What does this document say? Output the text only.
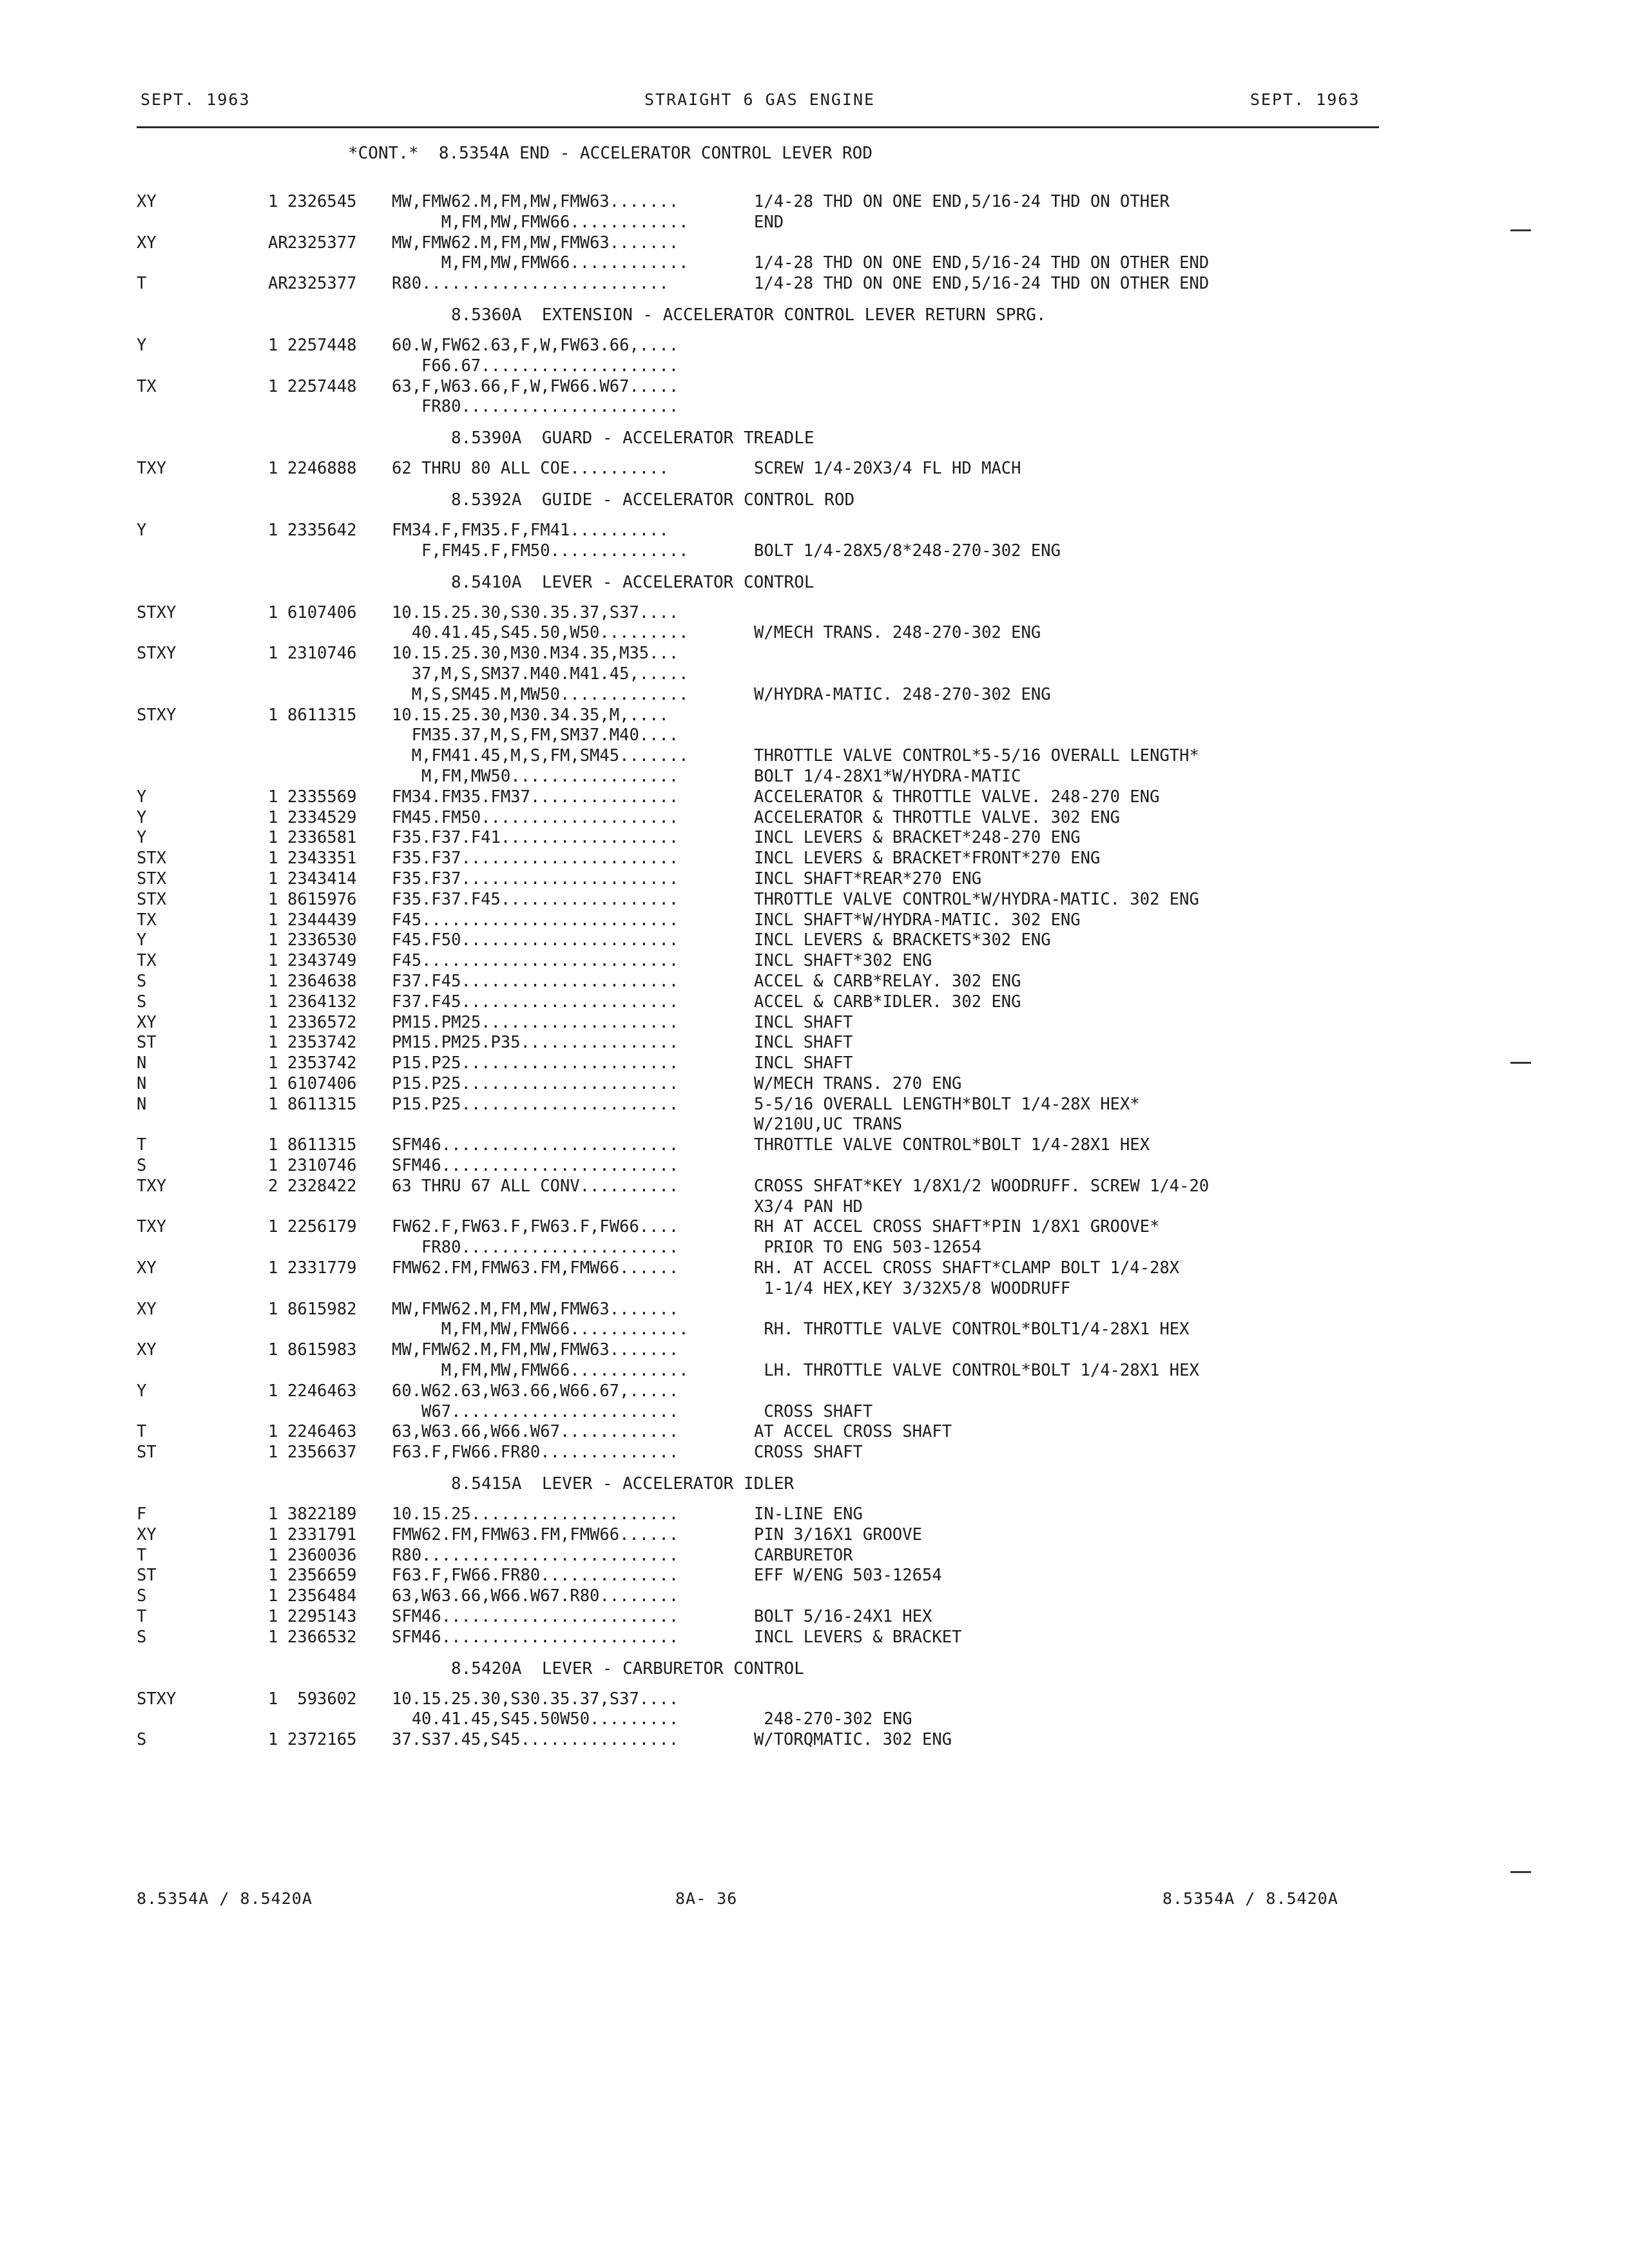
SEPT. 1963	STRAIGHT 6 GAS ENGINE	SEPT. 1963
*CONT.*  8.5354A END - ACCELERATOR CONTROL LEVER ROD
XY	1 2326545 MW,FMW62.M,FM,MW,FMW63.......	1/4-28 THD ON ONE END,5/16-24 THD ON OTHER
M,FM,MW,FMW66............	END
XY	AR 2325377 MW,FMW62.M,FM,MW,FMW63.......
M,FM,MW,FMW66............	1/4-28 THD ON ONE END,5/16-24 THD ON OTHER END
T	AR 2325377 R80.........................	1/4-28 THD ON ONE END,5/16-24 THD ON OTHER END
8.5360A  EXTENSION - ACCELERATOR CONTROL LEVER RETURN SPRG.
Y	1 2257448 60.W,FW62.63,F,W,FW63.66,....
F66.67....................
TX	1 2257448 63,F,W63.66,F,W,FW66.W67.....
FR80......................
8.5390A  GUARD - ACCELERATOR TREADLE
TXY	1 2246888 62 THRU 80 ALL COE..........	SCREW 1/4-20X3/4 FL HD MACH
8.5392A  GUIDE - ACCELERATOR CONTROL ROD
Y	1 2335642 FM34.F,FM35.F,FM41..........
F,FM45.F,FM50..............	BOLT 1/4-28X5/8*248-270-302 ENG
8.5410A  LEVER - ACCELERATOR CONTROL
STXY	1 6107406 10.15.25.30,S30.35.37,S37....
40.41.45,S45.50,W50.........	W/MECH TRANS. 248-270-302 ENG
STXY	1 2310746 10.15.25.30,M30.M34.35,M35...
37,M,S,SM37.M40.M41.45,.....
M,S,SM45.M,MW50.............	W/HYDRA-MATIC. 248-270-302 ENG
STXY	1 8611315 10.15.25.30,M30.34.35,M,....
FM35.37,M,S,FM,SM37.M40....
M,FM41.45,M,S,FM,SM45.......	THROTTLE VALVE CONTROL*5-5/16 OVERALL LENGTH*
M,FM,MW50.................	BOLT 1/4-28X1*W/HYDRA-MATIC
Y	1 2335569 FM34.FM35.FM37...............	ACCELERATOR & THROTTLE VALVE. 248-270 ENG
Y	1 2334529 FM45.FM50....................	ACCELERATOR & THROTTLE VALVE. 302 ENG
Y	1 2336581 F35.F37.F41..................	INCL LEVERS & BRACKET*248-270 ENG
STX	1 2343351 F35.F37......................	INCL LEVERS & BRACKET*FRONT*270 ENG
STX	1 2343414 F35.F37......................	INCL SHAFT*REAR*270 ENG
STX	1 8615976 F35.F37.F45..................	THROTTLE VALVE CONTROL*W/HYDRA-MATIC. 302 ENG
TX	1 2344439 F45..........................	INCL SHAFT*W/HYDRA-MATIC. 302 ENG
Y	1 2336530 F45.F50......................	INCL LEVERS & BRACKETS*302 ENG
TX	1 2343749 F45..........................	INCL SHAFT*302 ENG
S	1 2364638 F37.F45......................	ACCEL & CARB*RELAY. 302 ENG
S	1 2364132 F37.F45......................	ACCEL & CARB*IDLER. 302 ENG
XY	1 2336572 PM15.PM25....................	INCL SHAFT
ST	1 2353742 PM15.PM25.P35................	INCL SHAFT
N	1 2353742 P15.P25......................	INCL SHAFT
N	1 6107406 P15.P25......................	W/MECH TRANS. 270 ENG
N	1 8611315 P15.P25......................	5-5/16 OVERALL LENGTH*BOLT 1/4-28X HEX*
W/210U,UC TRANS
T	1 8611315 SFM46........................	THROTTLE VALVE CONTROL*BOLT 1/4-28X1 HEX
S	1 2310746 SFM46........................
TXY	2 2328422 63 THRU 67 ALL CONV..........	CROSS SHFAT*KEY 1/8X1/2 WOODRUFF. SCREW 1/4-20
X3/4 PAN HD
TXY	1 2256179 FW62.F,FW63.F,FW63.F,FW66....	RH AT ACCEL CROSS SHAFT*PIN 1/8X1 GROOVE*
FR80......................	PRIOR TO ENG 503-12654
XY	1 2331779 FMW62.FM,FMW63.FM,FMW66......	RH. AT ACCEL CROSS SHAFT*CLAMP BOLT 1/4-28X
1-1/4 HEX,KEY 3/32X5/8 WOODRUFF
XY	1 8615982 MW,FMW62.M,FM,MW,FMW63.......
M,FM,MW,FMW66............	RH. THROTTLE VALVE CONTROL*BOLT1/4-28X1 HEX
XY	1 8615983 MW,FMW62.M,FM,MW,FMW63.......
M,FM,MW,FMW66............	LH. THROTTLE VALVE CONTROL*BOLT 1/4-28X1 HEX
Y	1 2246463 60.W62.63,W63.66,W66.67,.....
W67.......................	CROSS SHAFT
T	1 2246463 63,W63.66,W66.W67............	AT ACCEL CROSS SHAFT
ST	1 2356637 F63.F,FW66.FR80..............	CROSS SHAFT
8.5415A  LEVER - ACCELERATOR IDLER
F	1 3822189 10.15.25.....................	IN-LINE ENG
XY	1 2331791 FMW62.FM,FMW63.FM,FMW66......	PIN 3/16X1 GROOVE
T	1 2360036 R80..........................	CARBURETOR
ST	1 2356659 F63.F,FW66.FR80..............	EFF W/ENG 503-12654
S	1 2356484 63,W63.66,W66.W67.R80........
T	1 2295143 SFM46........................	BOLT 5/16-24X1 HEX
S	1 2366532 SFM46........................	INCL LEVERS & BRACKET
8.5420A  LEVER - CARBURETOR CONTROL
STXY	1 593602 10.15.25.30,S30.35.37,S37....
40.41.45,S45.50W50.........	248-270-302 ENG
S	1 2372165 37.S37.45,S45................	W/TORQMATIC. 302 ENG
8.5354A / 8.5420A	8A- 36	8.5354A / 8.5420A
